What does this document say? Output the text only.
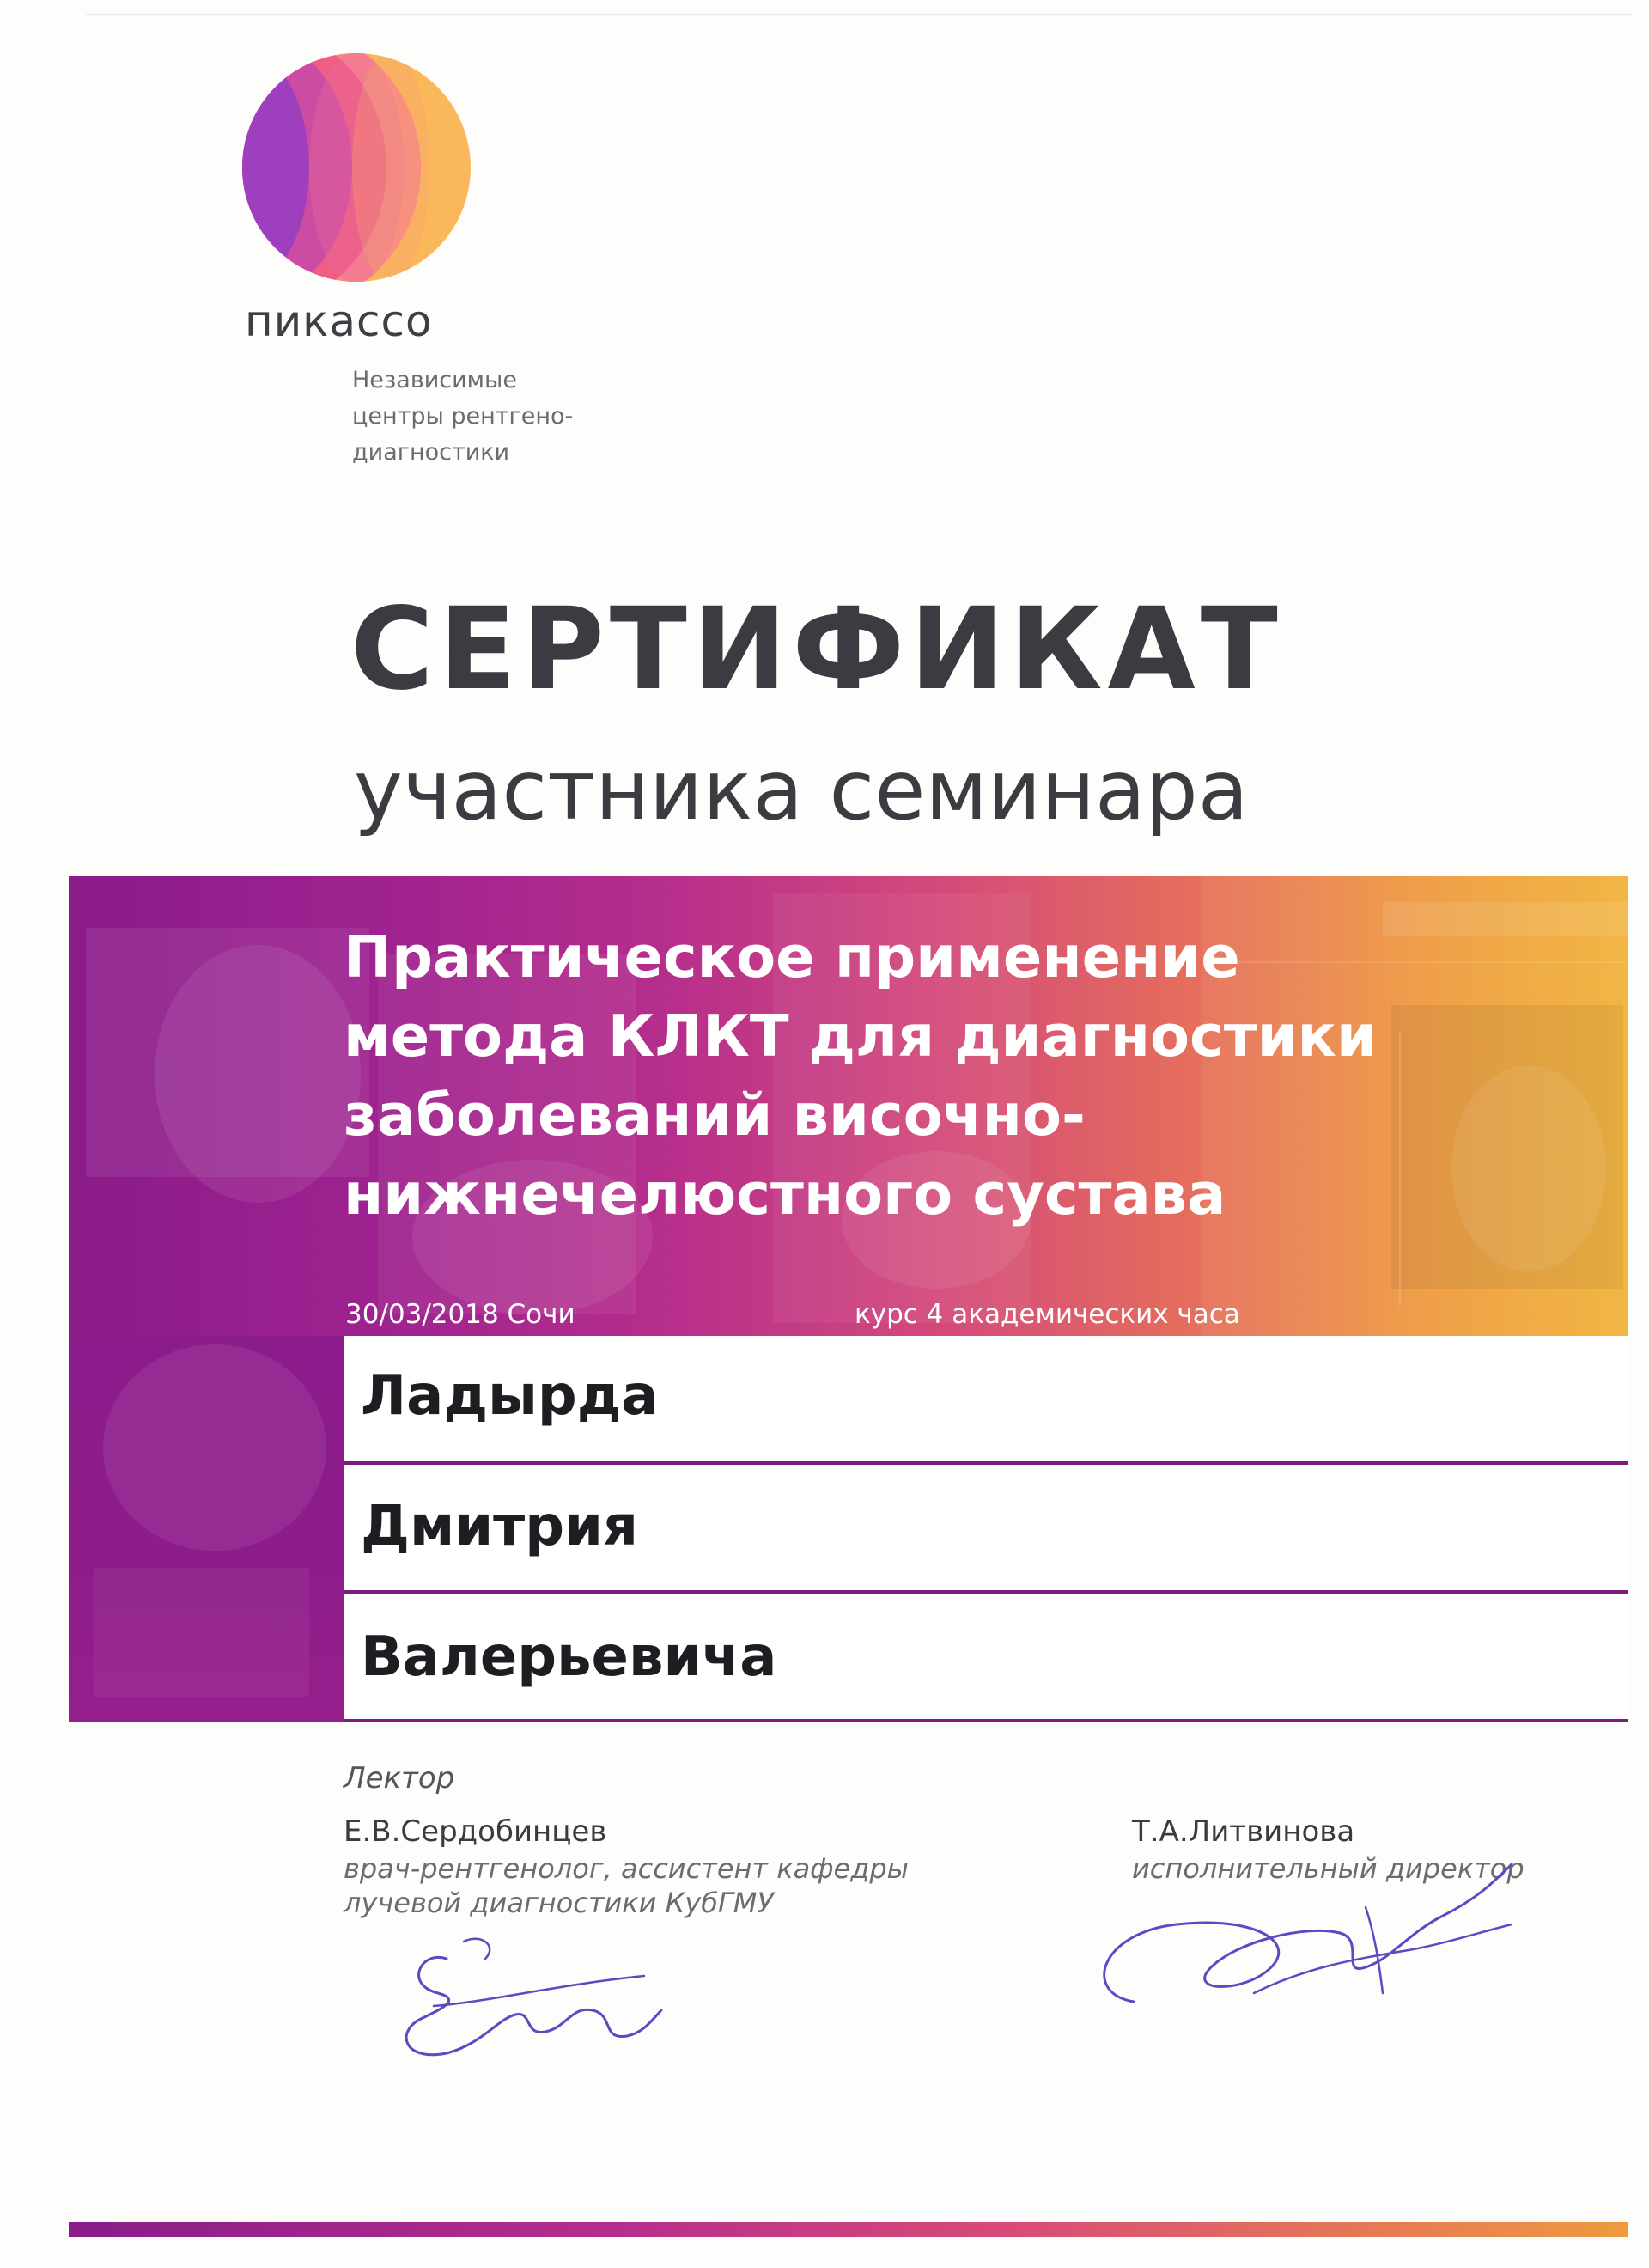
пикассо
Независимые
центры рентгено-
диагностики
СЕРТИФИКАТ
участника семинара
Практическое применение
метода КЛКТ для диагностики
заболеваний височно-
нижнечелюстного сустава
30/03/2018 Сочи	курс 4 академических часа
Ладырда
Дмитрия
Валерьевича
Лектор
Е.В.Сердобинцев
врач-рентгенолог, ассистент кафедры
лучевой диагностики КубГМУ
Т.А.Литвинова
исполнительный директор
